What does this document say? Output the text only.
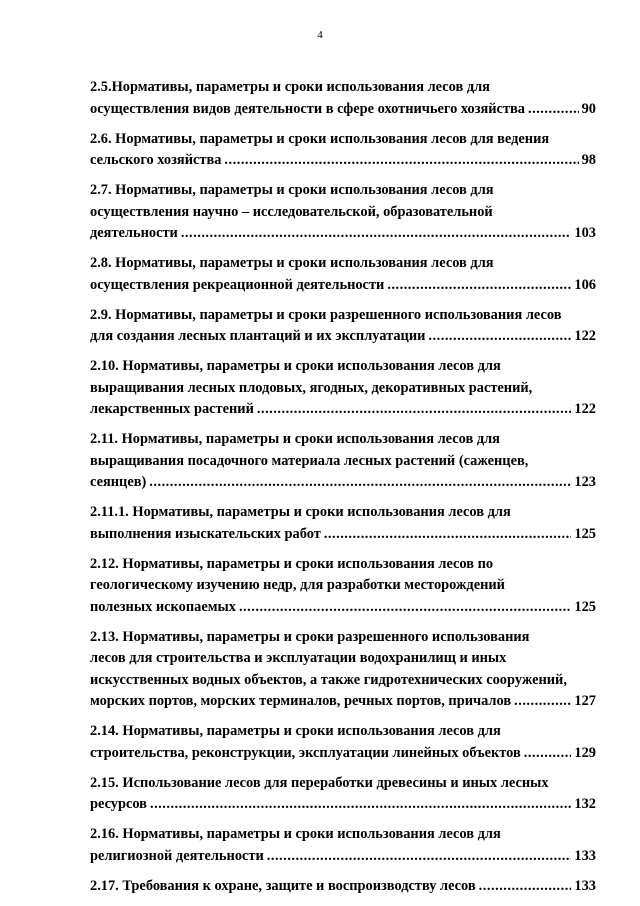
4
2.5.Нормативы, параметры и сроки использования лесов для
осуществления видов деятельности в сфере охотничьего хозяйства .....	90
2.6. Нормативы, параметры и сроки использования лесов для ведения
сельского хозяйства .....	98
2.7. Нормативы, параметры и сроки использования лесов для
осуществления научно – исследовательской, образовательной
деятельности .....	103
2.8. Нормативы, параметры и сроки использования лесов для
осуществления рекреационной деятельности .....	106
2.9. Нормативы, параметры и сроки разрешенного использования лесов
для создания лесных плантаций и их эксплуатации .....	122
2.10. Нормативы, параметры и сроки использования лесов для
выращивания лесных плодовых, ягодных, декоративных растений,
лекарственных растений .....	122
2.11. Нормативы, параметры и сроки использования лесов для
выращивания посадочного материала лесных растений (саженцев,
сеянцев) .....	123
2.11.1. Нормативы, параметры и сроки использования лесов для
выполнения изыскательских работ .....	125
2.12. Нормативы, параметры и сроки использования лесов по
геологическому изучению недр, для разработки месторождений
полезных ископаемых .....	125
2.13. Нормативы, параметры и сроки разрешенного использования
лесов для строительства и эксплуатации водохранилищ и иных
искусственных водных объектов, а также гидротехнических сооружений,
морских портов, морских терминалов, речных портов, причалов .....	127
2.14. Нормативы, параметры и сроки использования лесов для
строительства, реконструкции, эксплуатации линейных объектов .....	129
2.15. Использование лесов для переработки древесины и иных лесных
ресурсов .....	132
2.16. Нормативы, параметры и сроки использования лесов для
религиозной деятельности .....	133
2.17. Требования к охране, защите и воспроизводству лесов .....	133
